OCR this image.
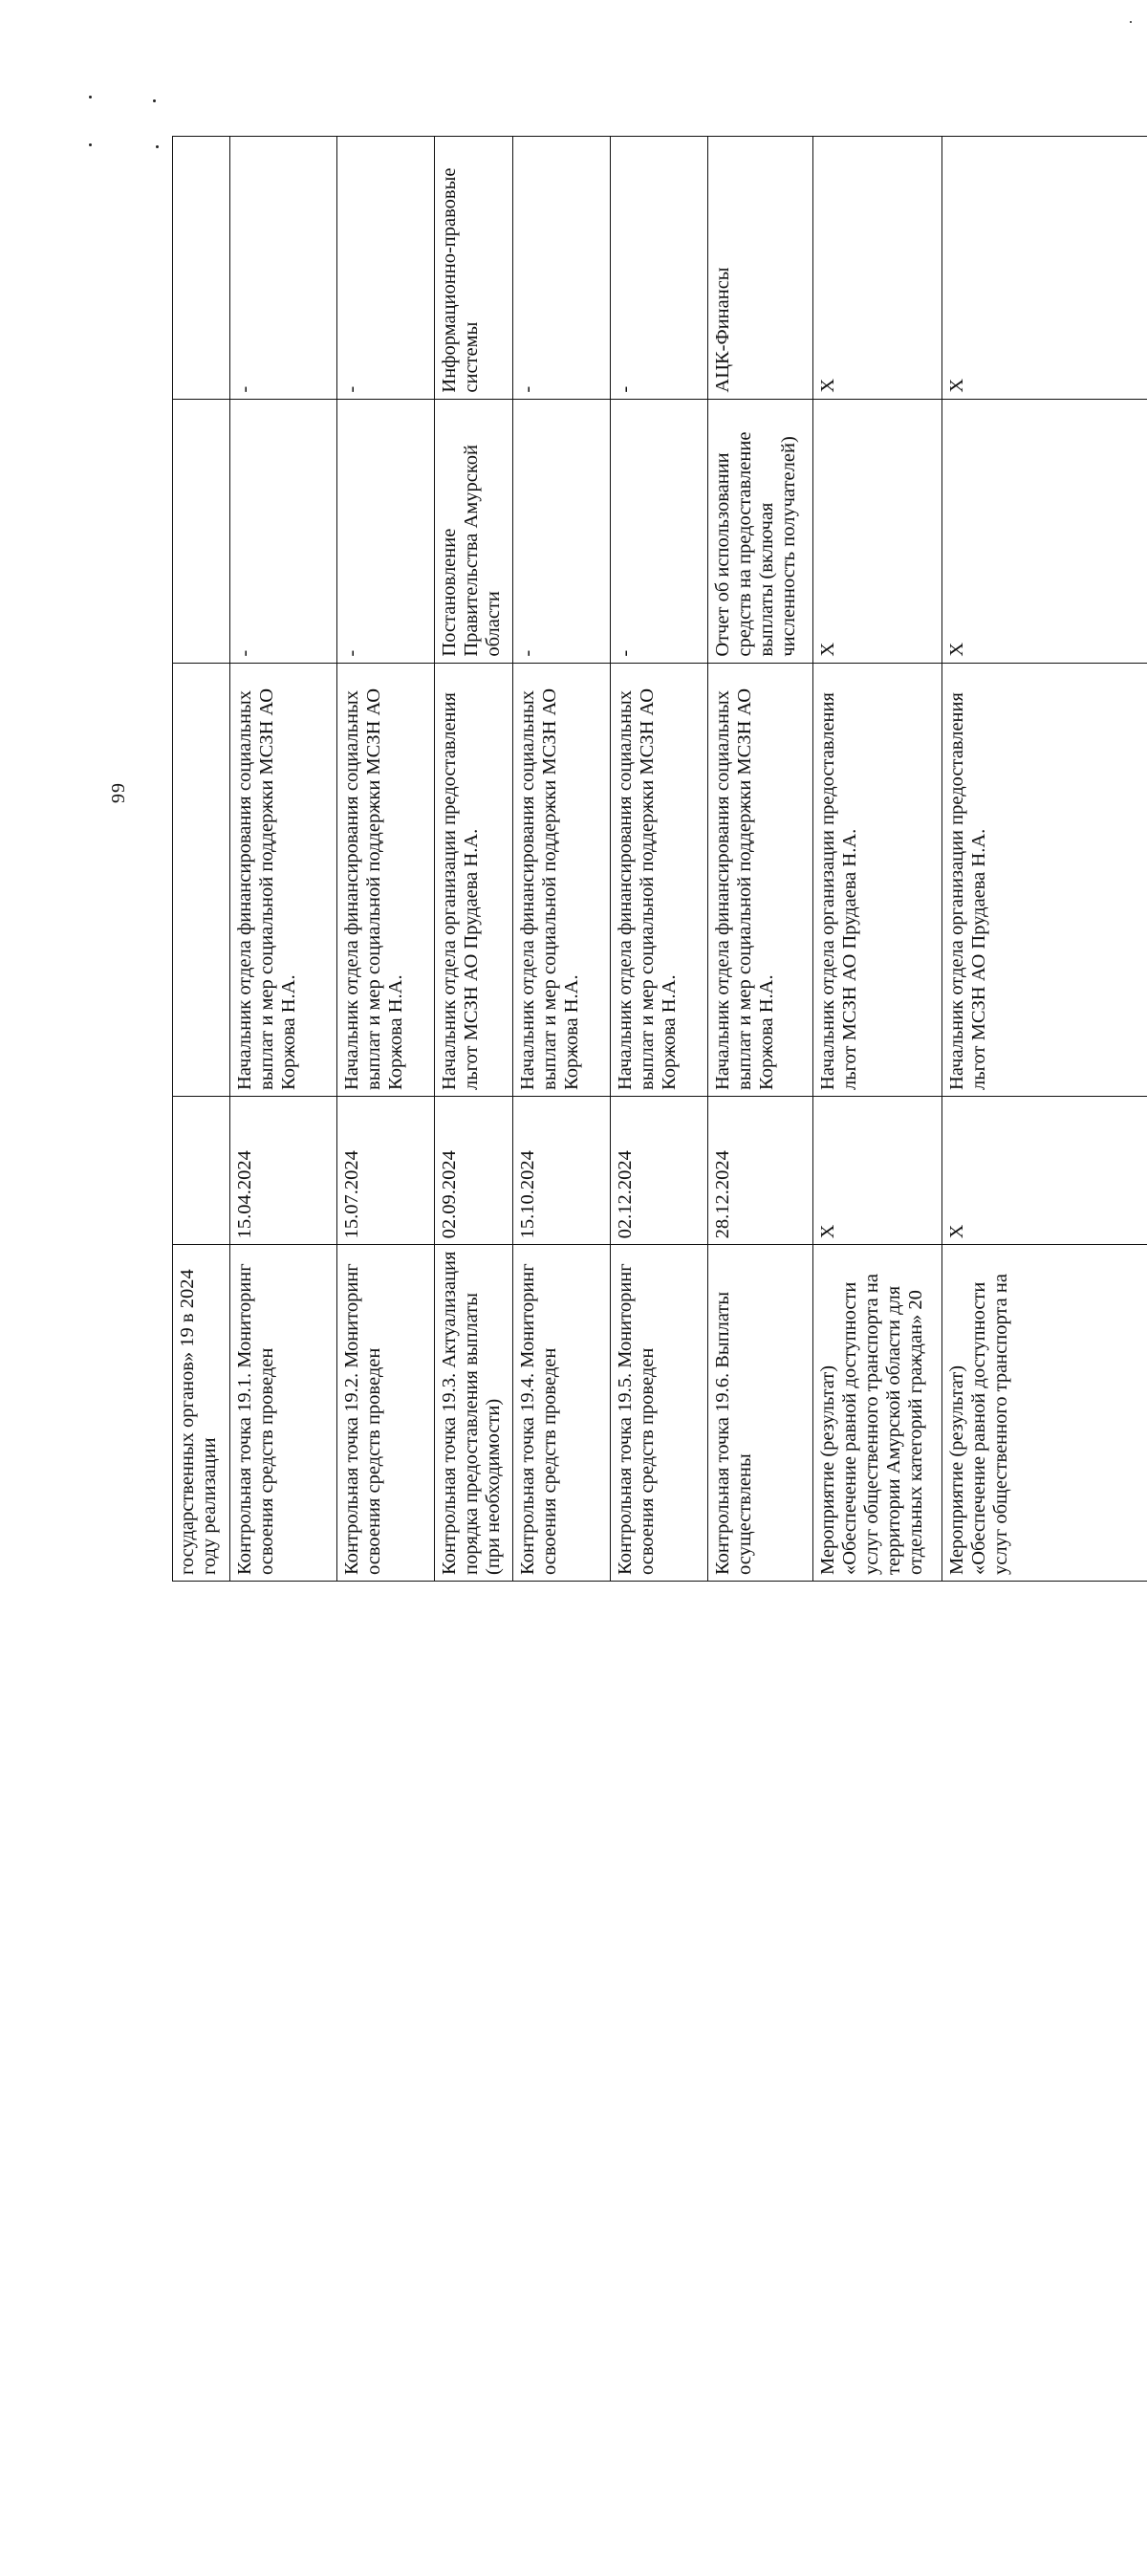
99
государственных органов» 19 в 2024 году реализации				
Контрольная точка 19.1. Мониторинг освоения средств проведен	15.04.2024	Начальник отдела финансирования социальных выплат и мер социальной поддержки МСЗН АО Коржова Н.А.	-	-
Контрольная точка 19.2. Мониторинг освоения средств проведен	15.07.2024	Начальник отдела финансирования социальных выплат и мер социальной поддержки МСЗН АО Коржова Н.А.	-	-
Контрольная точка 19.3. Актуализация порядка предоставления выплаты (при необходимости)	02.09.2024	Начальник отдела организации предоставления льгот МСЗН АО Прудаева Н.А.	Постановление Правительства Амурской области	Информационно-правовые системы
Контрольная точка 19.4. Мониторинг освоения средств проведен	15.10.2024	Начальник отдела финансирования социальных выплат и мер социальной поддержки МСЗН АО Коржова Н.А.	-	-
Контрольная точка 19.5. Мониторинг освоения средств проведен	02.12.2024	Начальник отдела финансирования социальных выплат и мер социальной поддержки МСЗН АО Коржова Н.А.	-	-
Контрольная точка 19.6. Выплаты осуществлены	28.12.2024	Начальник отдела финансирования социальных выплат и мер социальной поддержки МСЗН АО Коржова Н.А.	Отчет об использовании средств на предоставление выплаты (включая численность получателей)	АЦК-Финансы
Мероприятие (результат) «Обеспечение равной доступности услуг общественного транспорта на территории Амурской области для отдельных категорий граждан» 20	X	Начальник отдела организации предоставления льгот МСЗН АО Прудаева Н.А.	X	X
Мероприятие (результат) «Обеспечение равной доступности услуг общественного транспорта на	X	Начальник отдела организации предоставления льгот МСЗН АО Прудаева Н.А.	X	X
